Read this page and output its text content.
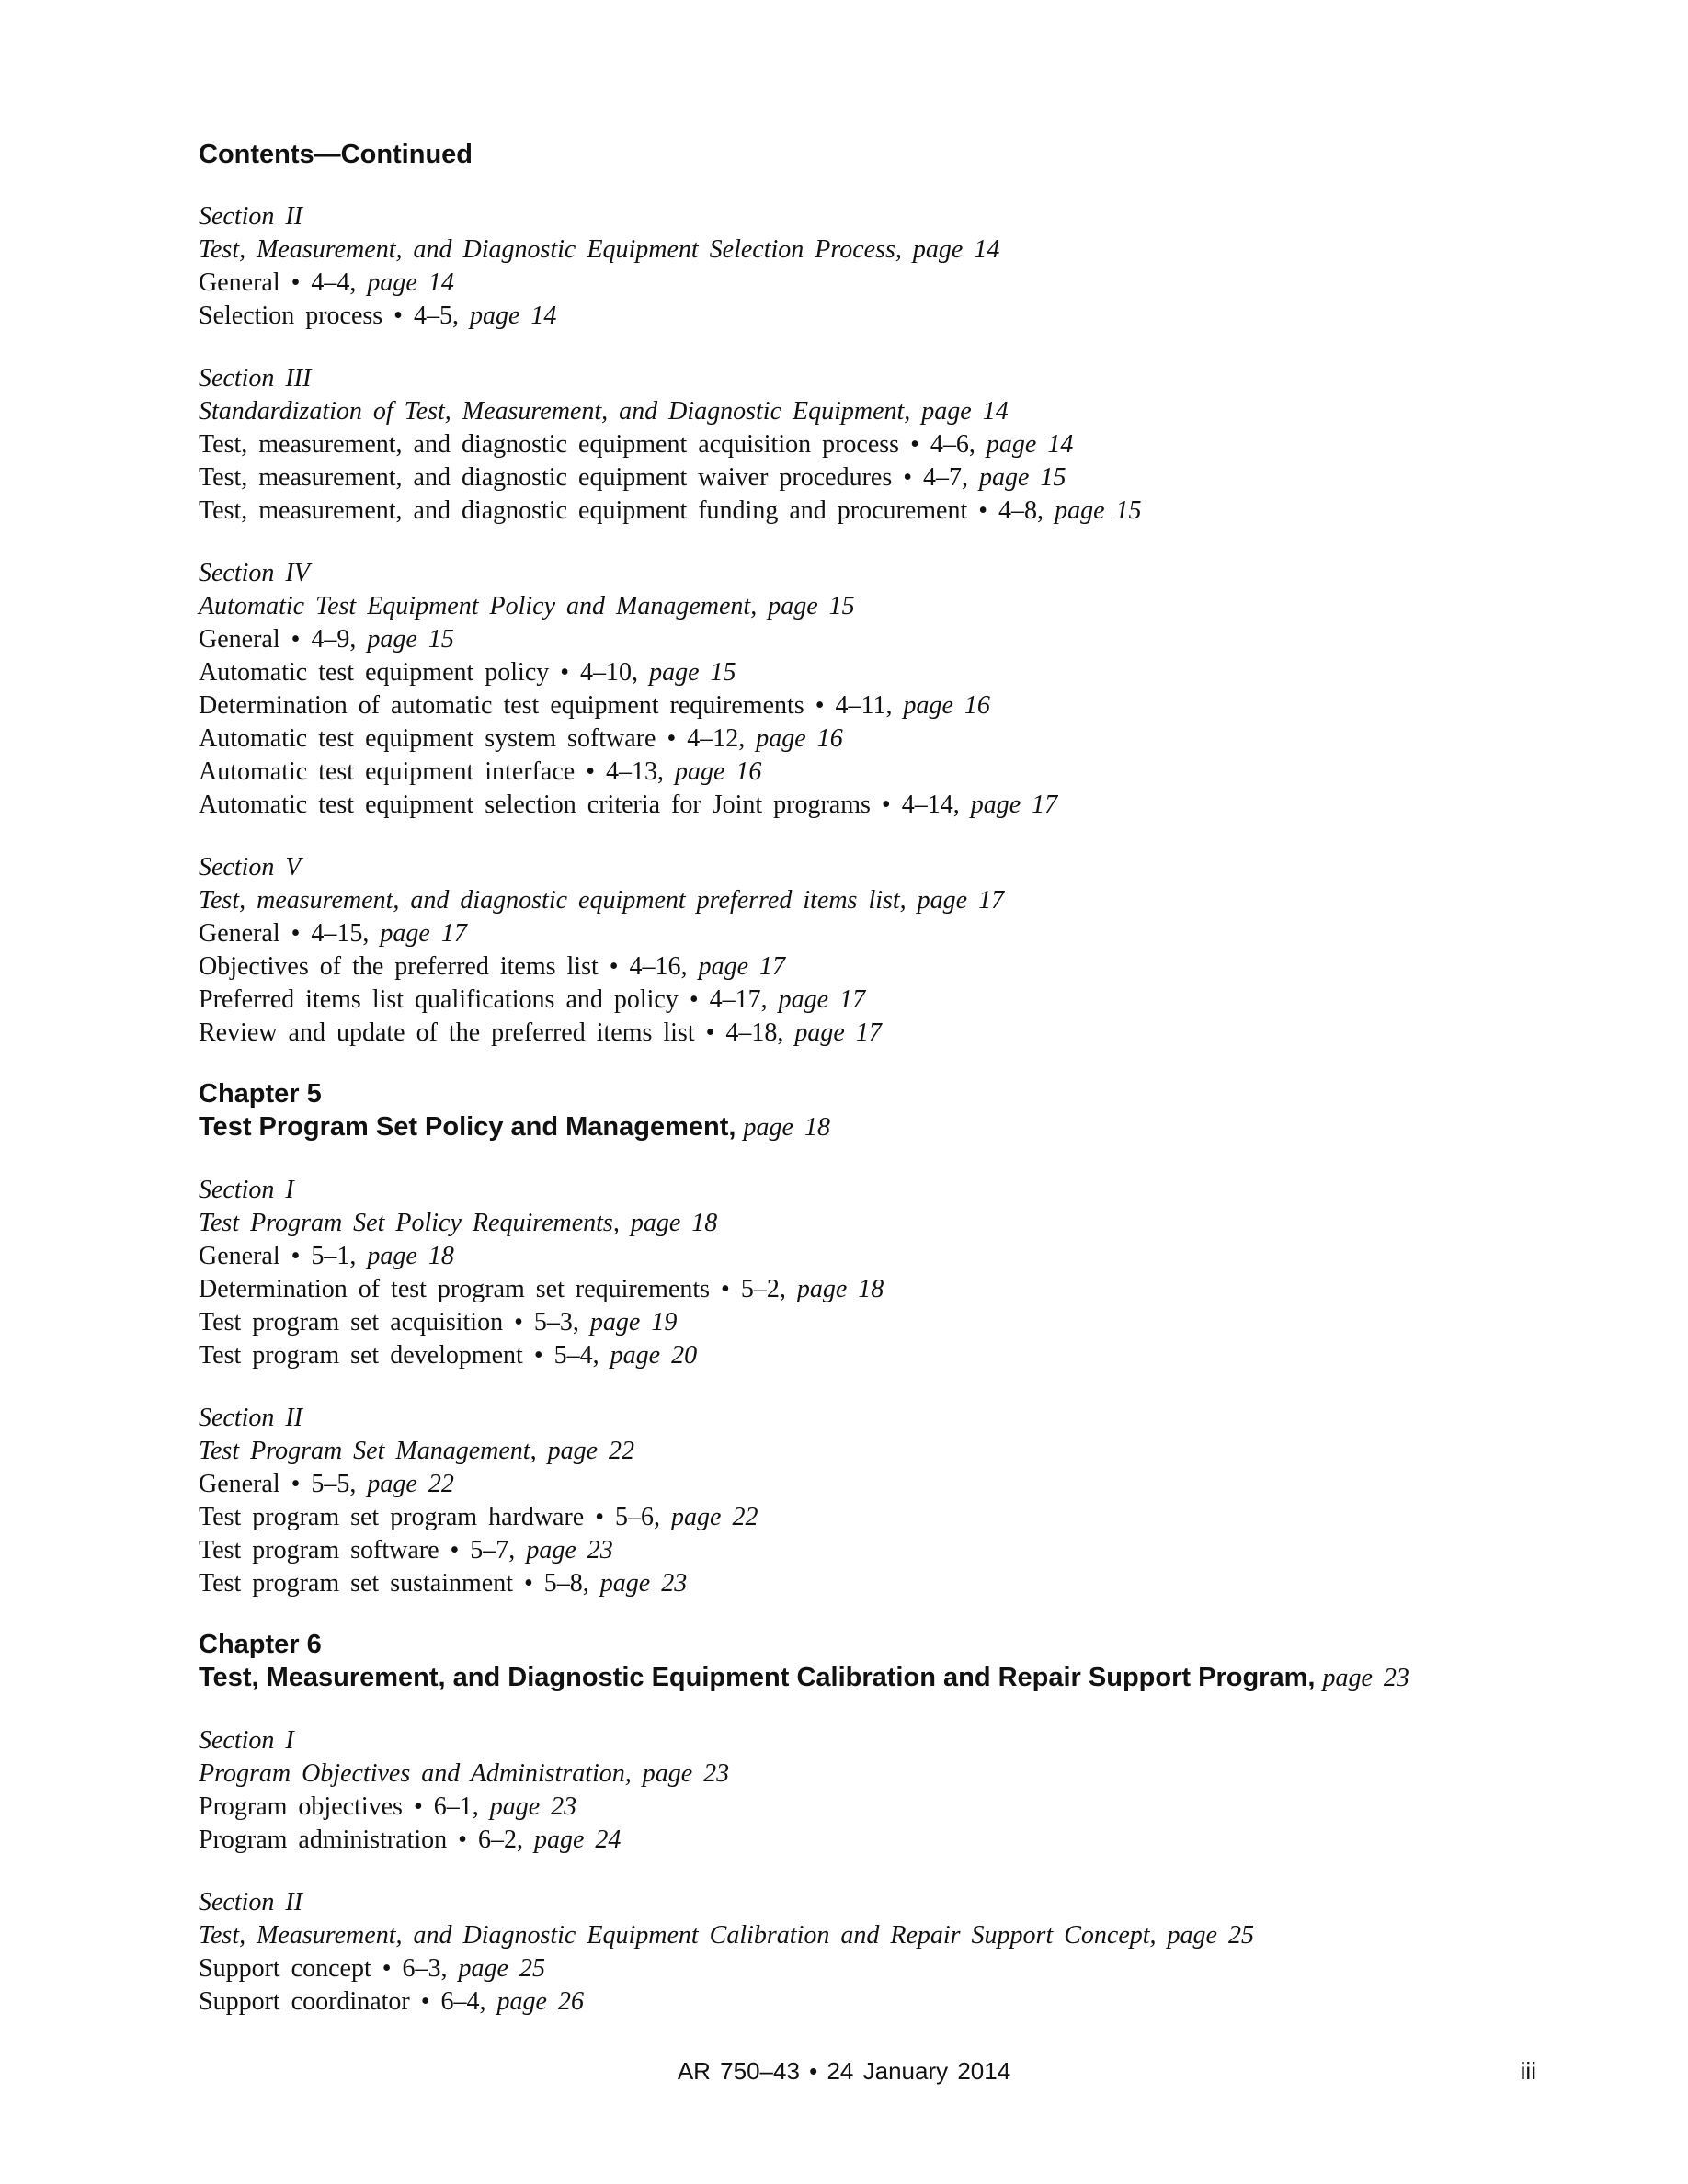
Contents—Continued
Section II
Test, Measurement, and Diagnostic Equipment Selection Process, page 14
General • 4–4, page 14
Selection process • 4–5, page 14
Section III
Standardization of Test, Measurement, and Diagnostic Equipment, page 14
Test, measurement, and diagnostic equipment acquisition process • 4–6, page 14
Test, measurement, and diagnostic equipment waiver procedures • 4–7, page 15
Test, measurement, and diagnostic equipment funding and procurement • 4–8, page 15
Section IV
Automatic Test Equipment Policy and Management, page 15
General • 4–9, page 15
Automatic test equipment policy • 4–10, page 15
Determination of automatic test equipment requirements • 4–11, page 16
Automatic test equipment system software • 4–12, page 16
Automatic test equipment interface • 4–13, page 16
Automatic test equipment selection criteria for Joint programs • 4–14, page 17
Section V
Test, measurement, and diagnostic equipment preferred items list, page 17
General • 4–15, page 17
Objectives of the preferred items list • 4–16, page 17
Preferred items list qualifications and policy • 4–17, page 17
Review and update of the preferred items list • 4–18, page 17
Chapter 5
Test Program Set Policy and Management, page 18
Section I
Test Program Set Policy Requirements, page 18
General • 5–1, page 18
Determination of test program set requirements • 5–2, page 18
Test program set acquisition • 5–3, page 19
Test program set development • 5–4, page 20
Section II
Test Program Set Management, page 22
General • 5–5, page 22
Test program set program hardware • 5–6, page 22
Test program software • 5–7, page 23
Test program set sustainment • 5–8, page 23
Chapter 6
Test, Measurement, and Diagnostic Equipment Calibration and Repair Support Program, page 23
Section I
Program Objectives and Administration, page 23
Program objectives • 6–1, page 23
Program administration • 6–2, page 24
Section II
Test, Measurement, and Diagnostic Equipment Calibration and Repair Support Concept, page 25
Support concept • 6–3, page 25
Support coordinator • 6–4, page 26
AR 750–43 • 24 January 2014	iii
